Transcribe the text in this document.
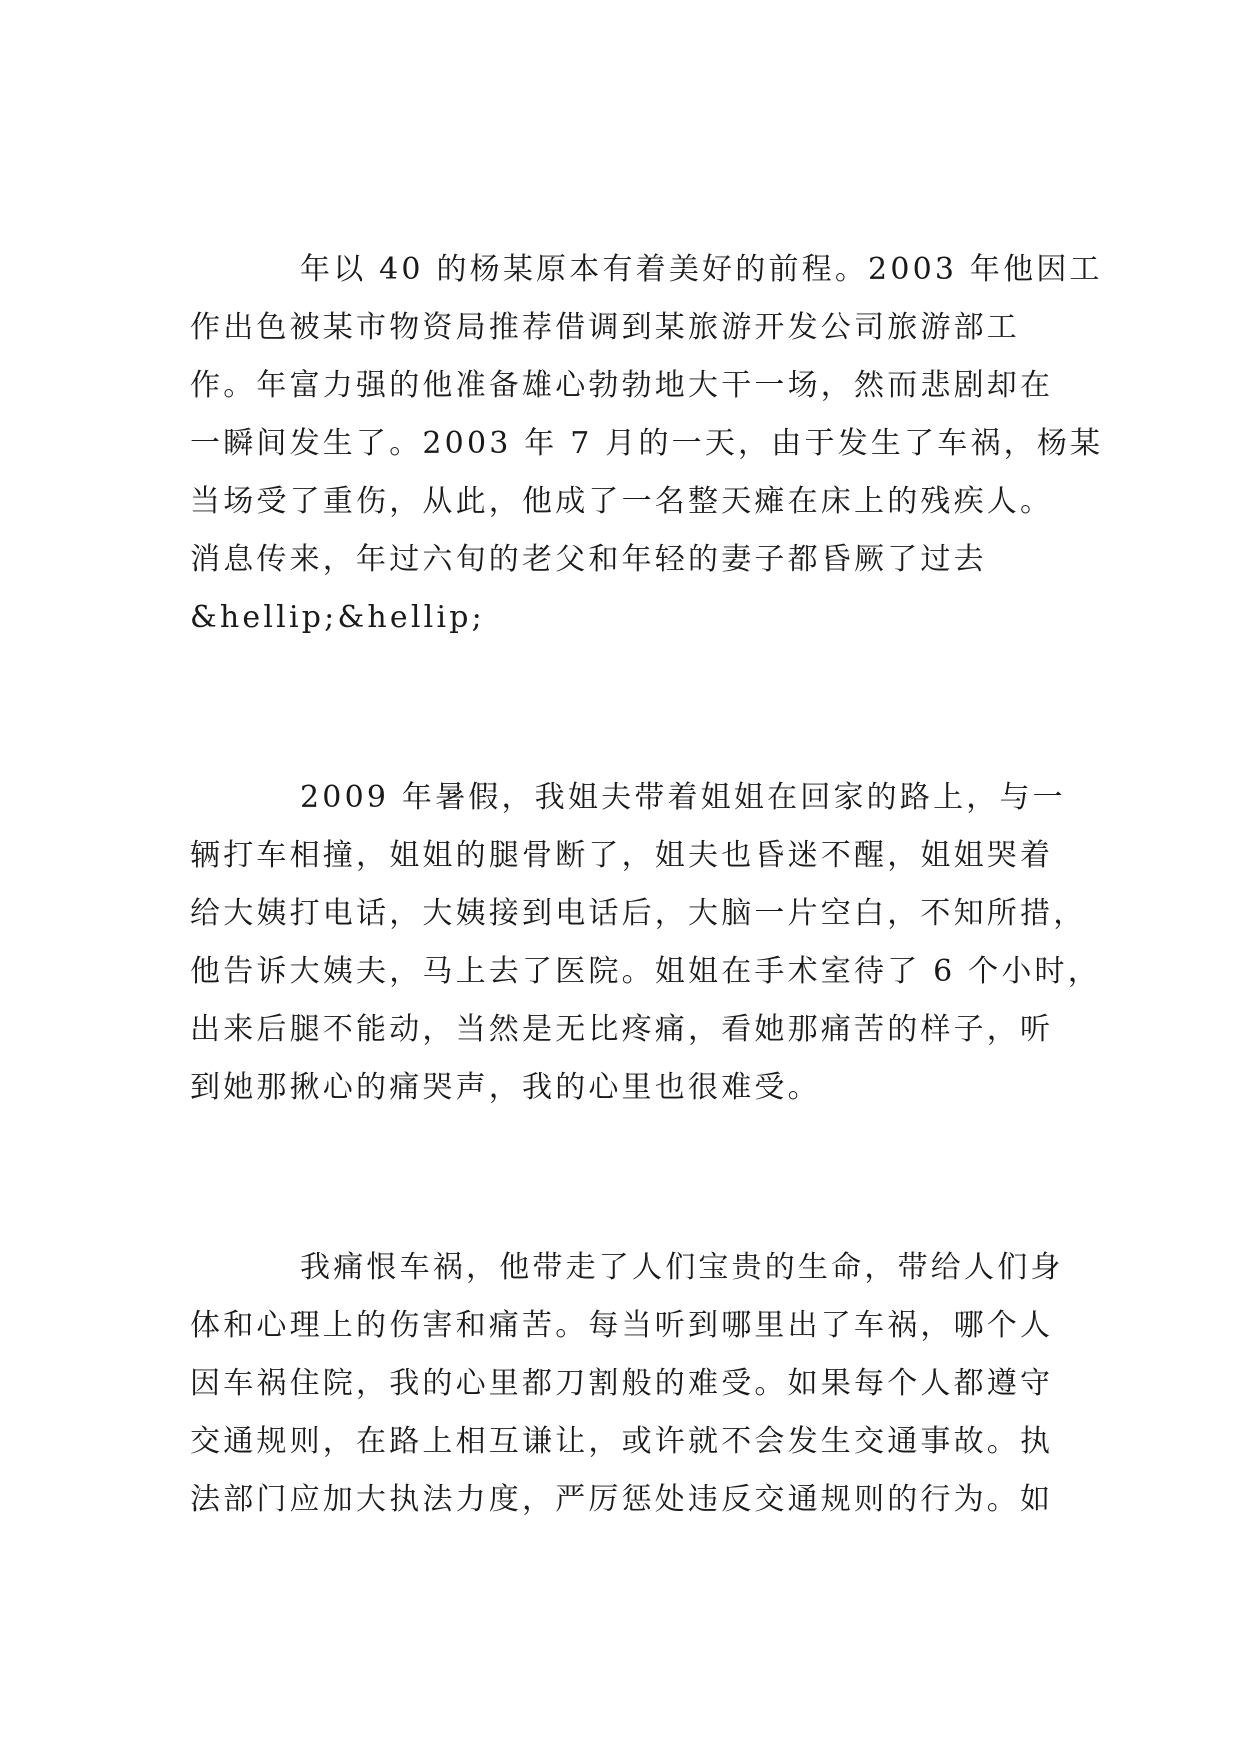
年以 40 的杨某原本有着美好的前程。2003 年他因工
作出色被某市物资局推荐借调到某旅游开发公司旅游部工
作。年富力强的他准备雄心勃勃地大干一场，然而悲剧却在
一瞬间发生了。2003 年 7 月的一天，由于发生了车祸，杨某
当场受了重伤，从此，他成了一名整天瘫在床上的残疾人。
消息传来，年过六旬的老父和年轻的妻子都昏厥了过去
&hellip;&hellip;
2009 年暑假，我姐夫带着姐姐在回家的路上，与一
辆打车相撞，姐姐的腿骨断了，姐夫也昏迷不醒，姐姐哭着
给大姨打电话，大姨接到电话后，大脑一片空白，不知所措，
他告诉大姨夫，马上去了医院。姐姐在手术室待了 6 个小时，
出来后腿不能动，当然是无比疼痛，看她那痛苦的样子，听
到她那揪心的痛哭声，我的心里也很难受。
我痛恨车祸，他带走了人们宝贵的生命，带给人们身
体和心理上的伤害和痛苦。每当听到哪里出了车祸，哪个人
因车祸住院，我的心里都刀割般的难受。如果每个人都遵守
交通规则，在路上相互谦让，或许就不会发生交通事故。执
法部门应加大执法力度，严厉惩处违反交通规则的行为。如
